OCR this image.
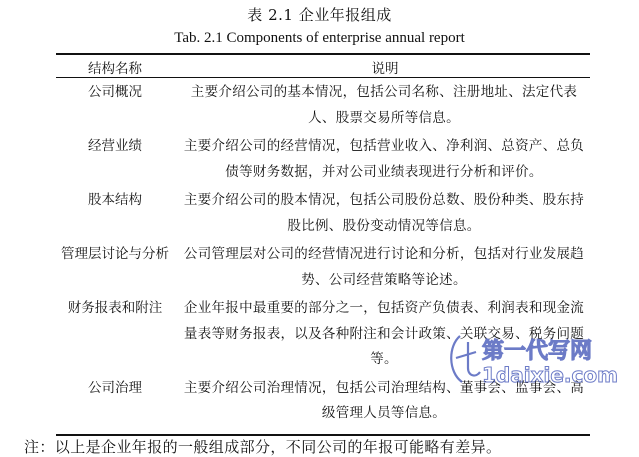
表 2.1 企业年报组成
Tab. 2.1 Components of enterprise annual report
结构名称	说明
公司概况	主要介绍公司的基本情况，包括公司名称、注册地址、法定代表人、股票交易所等信息。
经营业绩	主要介绍公司的经营情况，包括营业收入、净利润、总资产、总负债等财务数据，并对公司业绩表现进行分析和评价。
股本结构	主要介绍公司的股本情况，包括公司股份总数、股份种类、股东持股比例、股份变动情况等信息。
管理层讨论与分析	公司管理层对公司的经营情况进行讨论和分析，包括对行业发展趋势、公司经营策略等论述。
财务报表和附注	企业年报中最重要的部分之一，包括资产负债表、利润表和现金流量表等财务报表，以及各种附注和会计政策、关联交易、税务问题等。
公司治理	主要介绍公司治理情况，包括公司治理结构、董事会、监事会、高级管理人员等信息。
注：以上是企业年报的一般组成部分，不同公司的年报可能略有差异。
第一代写网
1daixie.com
